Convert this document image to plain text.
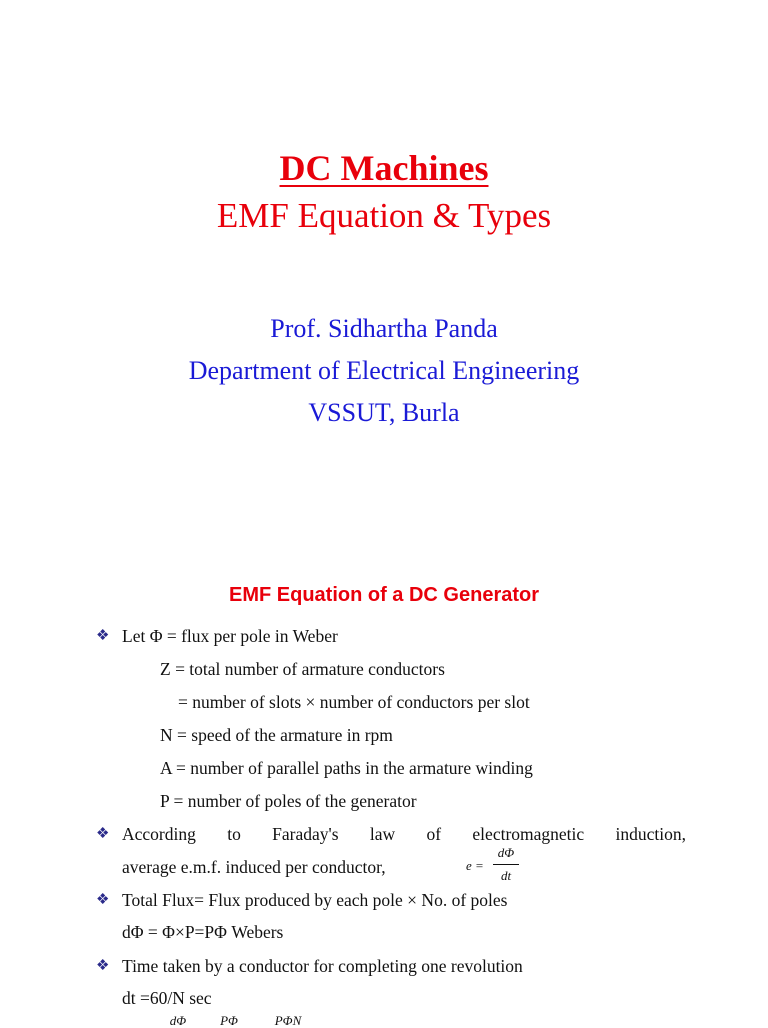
DC Machines
EMF Equation & Types
Prof. Sidhartha Panda
Department of Electrical Engineering
VSSUT, Burla
EMF Equation of a DC Generator
❖ Let Φ = flux per pole in Weber
Z = total number of armature conductors
= number of slots × number of conductors per slot
N = speed of the armature in rpm
A = number of parallel paths in the armature winding
P = number of poles of the generator
❖ According to Faraday's law of electromagnetic induction,
average e.m.f. induced per conductor,	e =
dΦ
dt
❖ Total Flux= Flux produced by each pole × No. of poles
dΦ = Φ×P=PΦ Webers
❖ Time taken by a conductor for completing one revolution
dt =60/N sec
dΦ	PΦ	PΦN
